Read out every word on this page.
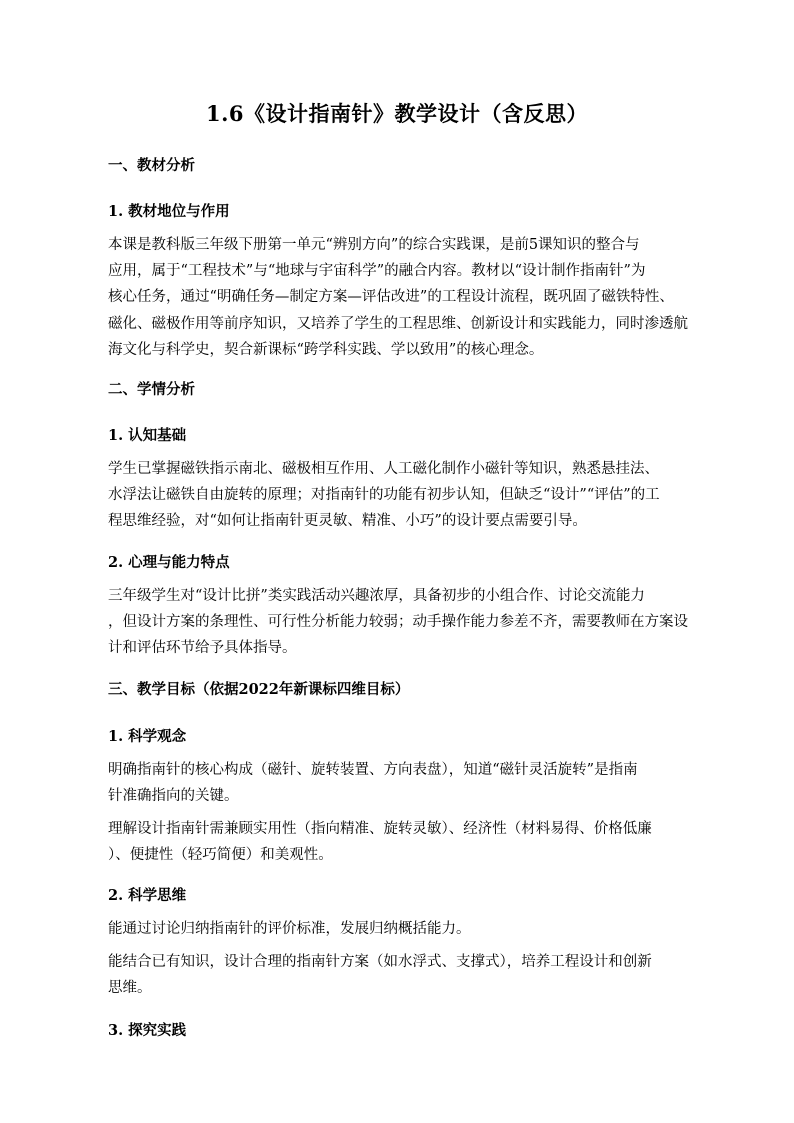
1.6《设计指南针》教学设计（含反思）
一、教材分析
1. 教材地位与作用
本课是教科版三年级下册第一单元“辨别方向”的综合实践课，是前5课知识的整合与
应用，属于“工程技术”与“地球与宇宙科学”的融合内容。教材以“设计制作指南针”为
核心任务，通过“明确任务—制定方案—评估改进”的工程设计流程，既巩固了磁铁特性、
磁化、磁极作用等前序知识，又培养了学生的工程思维、创新设计和实践能力，同时渗透航
海文化与科学史，契合新课标“跨学科实践、学以致用”的核心理念。
二、学情分析
1. 认知基础
学生已掌握磁铁指示南北、磁极相互作用、人工磁化制作小磁针等知识，熟悉悬挂法、
水浮法让磁铁自由旋转的原理；对指南针的功能有初步认知，但缺乏“设计”“评估”的工
程思维经验，对“如何让指南针更灵敏、精准、小巧”的设计要点需要引导。
2. 心理与能力特点
三年级学生对“设计比拼”类实践活动兴趣浓厚，具备初步的小组合作、讨论交流能力
，但设计方案的条理性、可行性分析能力较弱；动手操作能力参差不齐，需要教师在方案设
计和评估环节给予具体指导。
三、教学目标（依据2022年新课标四维目标）
1. 科学观念
明确指南针的核心构成（磁针、旋转装置、方向表盘），知道“磁针灵活旋转”是指南
针准确指向的关键。
理解设计指南针需兼顾实用性（指向精准、旋转灵敏）、经济性（材料易得、价格低廉
）、便捷性（轻巧简便）和美观性。
2. 科学思维
能通过讨论归纳指南针的评价标准，发展归纳概括能力。
能结合已有知识，设计合理的指南针方案（如水浮式、支撑式），培养工程设计和创新
思维。
3. 探究实践
